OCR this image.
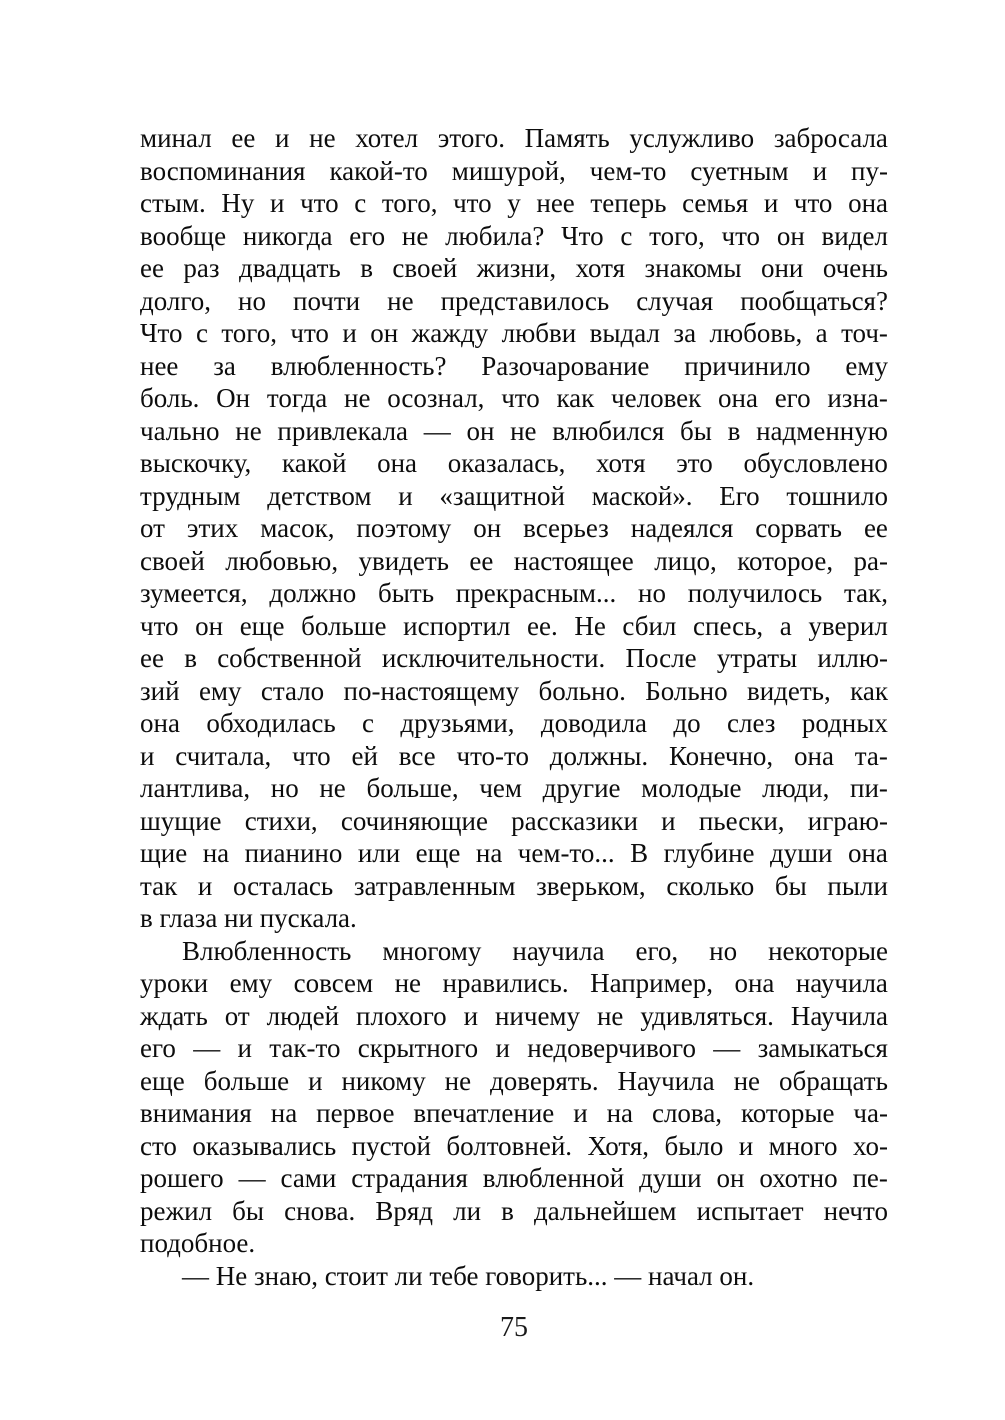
минал ее и не хотел этого. Память услужливо забросала
воспоминания какой-то мишурой, чем-то суетным и пу-
стым. Ну и что с того, что у нее теперь семья и что она
вообще никогда его не любила? Что с того, что он видел
ее раз двадцать в своей жизни, хотя знакомы они очень
долго, но почти не представилось случая пообщаться?
Что с того, что и он жажду любви выдал за любовь, а точ-
нее за влюбленность? Разочарование причинило ему
боль. Он тогда не осознал, что как человек она его изна-
чально не привлекала — он не влюбился бы в надменную
выскочку, какой она оказалась, хотя это обусловлено
трудным детством и «защитной маской». Его тошнило
от этих масок, поэтому он всерьез надеялся сорвать ее
своей любовью, увидеть ее настоящее лицо, которое, ра-
зумеется, должно быть прекрасным... но получилось так,
что он еще больше испортил ее. Не сбил спесь, а уверил
ее в собственной исключительности. После утраты иллю-
зий ему стало по-настоящему больно. Больно видеть, как
она обходилась с друзьями, доводила до слез родных
и считала, что ей все что-то должны. Конечно, она та-
лантлива, но не больше, чем другие молодые люди, пи-
шущие стихи, сочиняющие рассказики и пьески, играю-
щие на пианино или еще на чем-то... В глубине души она
так и осталась затравленным зверьком, сколько бы пыли
в глаза ни пускала.
Влюбленность многому научила его, но некоторые
уроки ему совсем не нравились. Например, она научила
ждать от людей плохого и ничему не удивляться. Научила
его — и так-то скрытного и недоверчивого — замыкаться
еще больше и никому не доверять. Научила не обращать
внимания на первое впечатление и на слова, которые ча-
сто оказывались пустой болтовней. Хотя, было и много хо-
рошего — сами страдания влюбленной души он охотно пе-
режил бы снова. Вряд ли в дальнейшем испытает нечто
подобное.
— Не знаю, стоит ли тебе говорить... — начал он.
75
